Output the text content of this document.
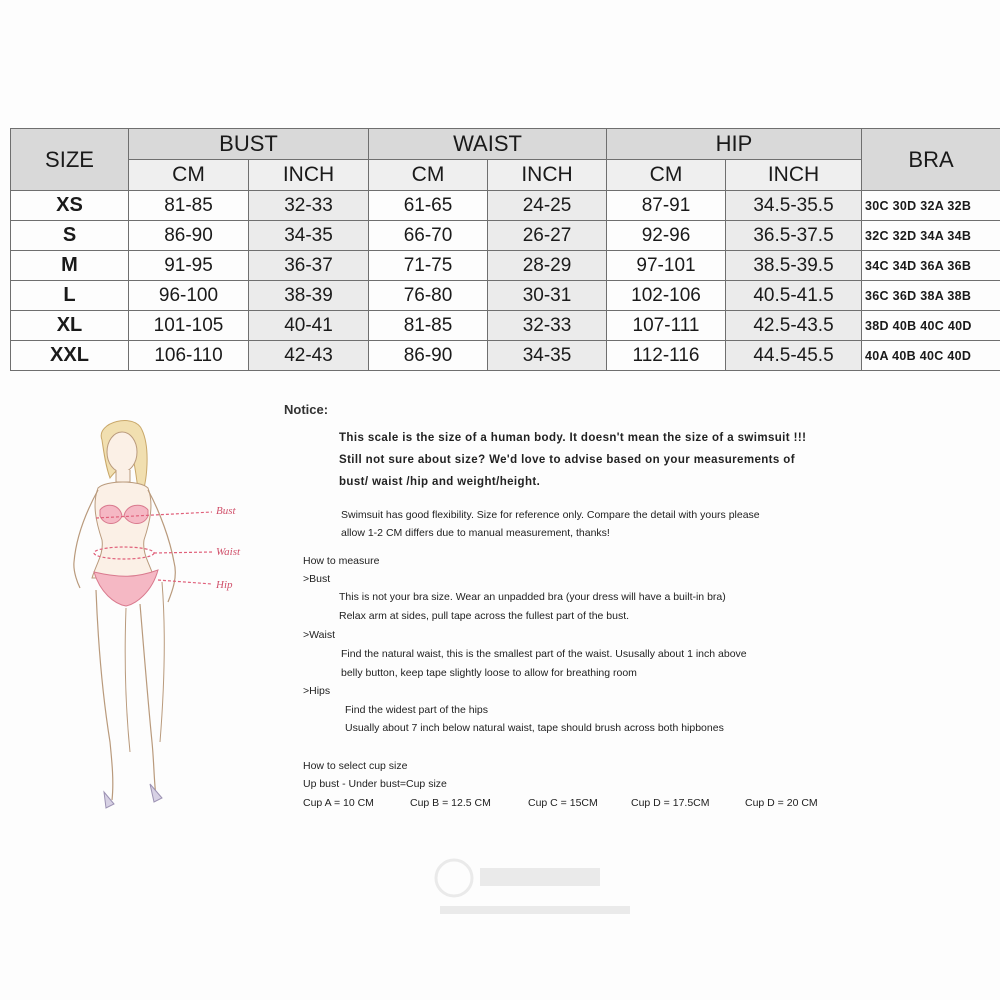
SIZE	BUST		WAIST		HIP		BRA
	CM	INCH	CM	INCH	CM	INCH	
XS	81-85	32-33	61-65	24-25	87-91	34.5-35.5	30C 30D 32A 32B
S	86-90	34-35	66-70	26-27	92-96	36.5-37.5	32C 32D 34A 34B
M	91-95	36-37	71-75	28-29	97-101	38.5-39.5	34C 34D 36A 36B
L	96-100	38-39	76-80	30-31	102-106	40.5-41.5	36C 36D 38A 38B
XL	101-105	40-41	81-85	32-33	107-111	42.5-43.5	38D 40B 40C 40D
XXL	106-110	42-43	86-90	34-35	112-116	44.5-45.5	40A 40B 40C 40D
Bust
Waist
Hip
Notice:
This scale is the size of a human body. It doesn't mean the size of a swimsuit !!!
Still not sure about size? We'd love to advise based on your measurements of
bust/ waist /hip and weight/height.
Swimsuit has good flexibility. Size for reference only. Compare the detail with yours please
allow 1-2 CM differs due to manual measurement, thanks!
How to measure
>Bust
This is not your bra size. Wear an unpadded bra (your dress will have a built-in bra)
Relax arm at sides, pull tape across the fullest part of the bust.
>Waist
Find the natural waist, this is the smallest part of the waist. Ususally about 1 inch above
belly button, keep tape slightly loose to allow for breathing room
>Hips
Find the widest part of the hips
Usually about 7 inch below natural waist, tape should brush across both hipbones
How to select cup size
Up bust - Under bust=Cup size
Cup A = 10 CM	Cup B = 12.5 CM	Cup C = 15CM	Cup D = 17.5CM	Cup D = 20 CM
